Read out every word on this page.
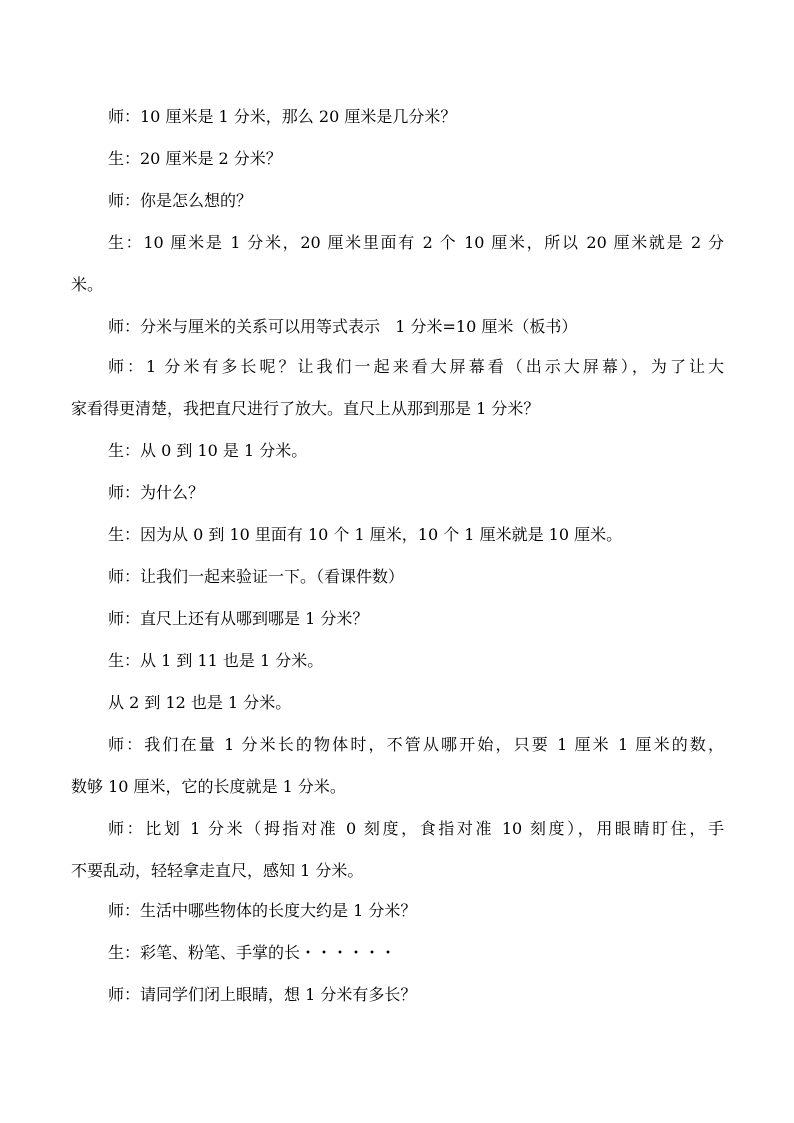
师：10 厘米是 1 分米，那么 20 厘米是几分米？
生：20 厘米是 2 分米？
师：你是怎么想的？
生：10 厘米是 1 分米，20 厘米里面有 2 个 10 厘米，所以 20 厘米就是 2 分
米。
师：分米与厘米的关系可以用等式表示   1 分米=10 厘米（板书）
师：1 分米有多长呢？让我们一起来看大屏幕看（出示大屏幕），为了让大
家看得更清楚，我把直尺进行了放大。直尺上从那到那是 1 分米？
生：从 0 到 10 是 1 分米。
师：为什么？
生：因为从 0 到 10 里面有 10 个 1 厘米，10 个 1 厘米就是 10 厘米。
师：让我们一起来验证一下。（看课件数）
师：直尺上还有从哪到哪是 1 分米？
生：从 1 到 11 也是 1 分米。
从 2 到 12 也是 1 分米。
师：我们在量 1 分米长的物体时，不管从哪开始，只要 1 厘米 1 厘米的数，
数够 10 厘米，它的长度就是 1 分米。
师：比划 1 分米（拇指对准 0 刻度，食指对准 10 刻度），用眼睛盯住，手
不要乱动，轻轻拿走直尺，感知 1 分米。
师：生活中哪些物体的长度大约是 1 分米？
生：彩笔、粉笔、手掌的长・・・・・・
师：请同学们闭上眼睛，想 1 分米有多长？
